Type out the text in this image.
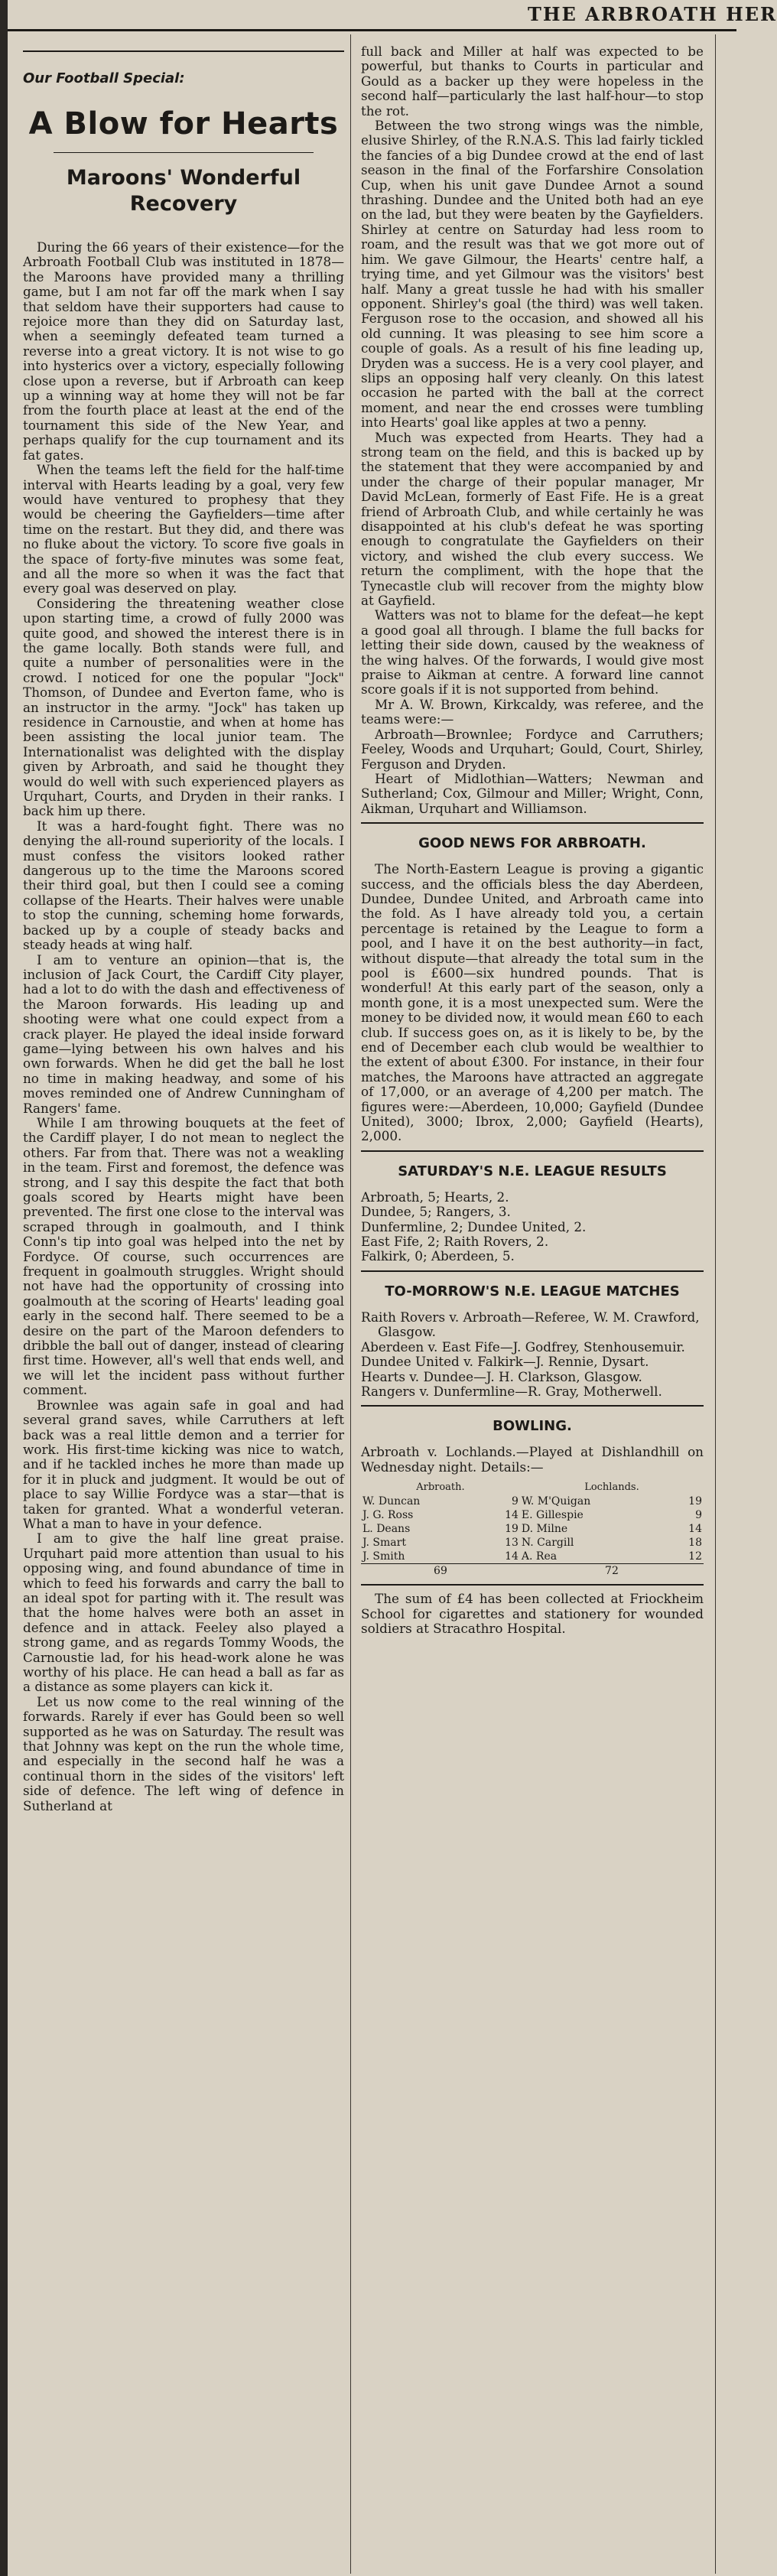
THE ARBROATH HER
Our Football Special:
A Blow for Hearts
Maroons' Wonderful Recovery

During the 66 years of their existence—for the Arbroath Football Club was instituted in 1878—the Maroons have provided many a thrilling game, but I am not far off the mark when I say that seldom have their supporters had cause to rejoice more than they did on Saturday last, when a seemingly defeated team turned a reverse into a great victory. It is not wise to go into hysterics over a victory, especially following close upon a reverse, but if Arbroath can keep up a winning way at home they will not be far from the fourth place at least at the end of the tournament this side of the New Year, and perhaps qualify for the cup tournament and its fat gates.

When the teams left the field for the half-time interval with Hearts leading by a goal, very few would have ventured to prophesy that they would be cheering the Gayfielders—time after time on the restart. But they did, and there was no fluke about the victory. To score five goals in the space of forty-five minutes was some feat, and all the more so when it was the fact that every goal was deserved on play.

Considering the threatening weather close upon starting time, a crowd of fully 2000 was quite good, and showed the interest there is in the game locally. Both stands were full, and quite a number of personalities were in the crowd. I noticed for one the popular "Jock" Thomson, of Dundee and Everton fame, who is an instructor in the army. "Jock" has taken up residence in Carnoustie, and when at home has been assisting the local junior team. The Internationalist was delighted with the display given by Arbroath, and said he thought they would do well with such experienced players as Urquhart, Courts, and Dryden in their ranks. I back him up there.

It was a hard-fought fight. There was no denying the all-round superiority of the locals. I must confess the visitors looked rather dangerous up to the time the Maroons scored their third goal, but then I could see a coming collapse of the Hearts. Their halves were unable to stop the cunning, scheming home forwards, backed up by a couple of steady backs and steady heads at wing half.

I am to venture an opinion—that is, the inclusion of Jack Court, the Cardiff City player, had a lot to do with the dash and effectiveness of the Maroon forwards. His leading up and shooting were what one could expect from a crack player. He played the ideal inside forward game—lying between his own halves and his own forwards. When he did get the ball he lost no time in making headway, and some of his moves reminded one of Andrew Cunningham of Rangers' fame.

While I am throwing bouquets at the feet of the Cardiff player, I do not mean to neglect the others. Far from that. There was not a weakling in the team. First and foremost, the defence was strong, and I say this despite the fact that both goals scored by Hearts might have been prevented. The first one close to the interval was scraped through in goalmouth, and I think Conn's tip into goal was helped into the net by Fordyce. Of course, such occurrences are frequent in goalmouth struggles. Wright should not have had the opportunity of crossing into goalmouth at the scoring of Hearts' leading goal early in the second half. There seemed to be a desire on the part of the Maroon defenders to dribble the ball out of danger, instead of clearing first time. However, all's well that ends well, and we will let the incident pass without further comment.

Brownlee was again safe in goal and had several grand saves, while Carruthers at left back was a real little demon and a terrier for work. His first-time kicking was nice to watch, and if he tackled inches he more than made up for it in pluck and judgment. It would be out of place to say Willie Fordyce was a star—that is taken for granted. What a wonderful veteran. What a man to have in your defence.

I am to give the half line great praise. Urquhart paid more attention than usual to his opposing wing, and found abundance of time in which to feed his forwards and carry the ball to an ideal spot for parting with it. The result was that the home halves were both an asset in defence and in attack. Feeley also played a strong game, and as regards Tommy Woods, the Carnoustie lad, for his head-work alone he was worthy of his place. He can head a ball as far as a distance as some players can kick it.

Let us now come to the real winning of the forwards. Rarely if ever has Gould been so well supported as he was on Saturday. The result was that Johnny was kept on the run the whole time, and especially in the second half he was a continual thorn in the sides of the visitors' left side of defence. The left wing of defence in Sutherland at

full back and Miller at half was expected to be powerful, but thanks to Courts in particular and Gould as a backer up they were hopeless in the second half—particularly the last half-hour—to stop the rot.

Between the two strong wings was the nimble, elusive Shirley, of the R.N.A.S. This lad fairly tickled the fancies of a big Dundee crowd at the end of last season in the final of the Forfarshire Consolation Cup, when his unit gave Dundee Arnot a sound thrashing. Dundee and the United both had an eye on the lad, but they were beaten by the Gayfielders. Shirley at centre on Saturday had less room to roam, and the result was that we got more out of him. We gave Gilmour, the Hearts' centre half, a trying time, and yet Gilmour was the visitors' best half. Many a great tussle he had with his smaller opponent. Shirley's goal (the third) was well taken. Ferguson rose to the occasion, and showed all his old cunning. It was pleasing to see him score a couple of goals. As a result of his fine leading up, Dryden was a success. He is a very cool player, and slips an opposing half very cleanly. On this latest occasion he parted with the ball at the correct moment, and near the end crosses were tumbling into Hearts' goal like apples at two a penny.

Much was expected from Hearts. They had a strong team on the field, and this is backed up by the statement that they were accompanied by and under the charge of their popular manager, Mr David McLean, formerly of East Fife. He is a great friend of Arbroath Club, and while certainly he was disappointed at his club's defeat he was sporting enough to congratulate the Gayfielders on their victory, and wished the club every success. We return the compliment, with the hope that the Tynecastle club will recover from the mighty blow at Gayfield.

Watters was not to blame for the defeat—he kept a good goal all through. I blame the full backs for letting their side down, caused by the weakness of the wing halves. Of the forwards, I would give most praise to Aikman at centre. A forward line cannot score goals if it is not supported from behind.

Mr A. W. Brown, Kirkcaldy, was referee, and the teams were:—

Arbroath—Brownlee; Fordyce and Carruthers; Feeley, Woods and Urquhart; Gould, Court, Shirley, Ferguson and Dryden.

Heart of Midlothian—Watters; Newman and Sutherland; Cox, Gilmour and Miller; Wright, Conn, Aikman, Urquhart and Williamson.

GOOD NEWS FOR ARBROATH.

The North-Eastern League is proving a gigantic success, and the officials bless the day Aberdeen, Dundee, Dundee United, and Arbroath came into the fold. As I have already told you, a certain percentage is retained by the League to form a pool, and I have it on the best authority—in fact, without dispute—that already the total sum in the pool is £600—six hundred pounds. That is wonderful! At this early part of the season, only a month gone, it is a most unexpected sum. Were the money to be divided now, it would mean £60 to each club. If success goes on, as it is likely to be, by the end of December each club would be wealthier to the extent of about £300. For instance, in their four matches, the Maroons have attracted an aggregate of 17,000, or an average of 4,200 per match. The figures were:—Aberdeen, 10,000; Gayfield (Dundee United), 3000; Ibrox, 2,000; Gayfield (Hearts), 2,000.

SATURDAY'S N.E. LEAGUE RESULTS
Arbroath, 5; Hearts, 2.
Dundee, 5; Rangers, 3.
Dunfermline, 2; Dundee United, 2.
East Fife, 2; Raith Rovers, 2.
Falkirk, 0; Aberdeen, 5.
TO-MORROW'S N.E. LEAGUE MATCHES
Raith Rovers v. Arbroath—Referee, W. M. Crawford, Glasgow.
Aberdeen v. East Fife—J. Godfrey, Stenhousemuir.
Dundee United v. Falkirk—J. Rennie, Dysart.
Hearts v. Dundee—J. H. Clarkson, Glasgow.
Rangers v. Dunfermline—R. Gray, Motherwell.
BOWLING.
Arbroath v. Lochlands.—Played at Dishlandhill on Wednesday night. Details:—
Arbroath.		Lochlands.	
W. Duncan	9	W. M'Quigan	19
J. G. Ross	14	E. Gillespie	9
L. Deans	19	D. Milne	14
J. Smart	13	N. Cargill	18
J. Smith	14	A. Rea	12
69		72	

The sum of £4 has been collected at Friockheim School for cigarettes and stationery for wounded soldiers at Stracathro Hospital.
